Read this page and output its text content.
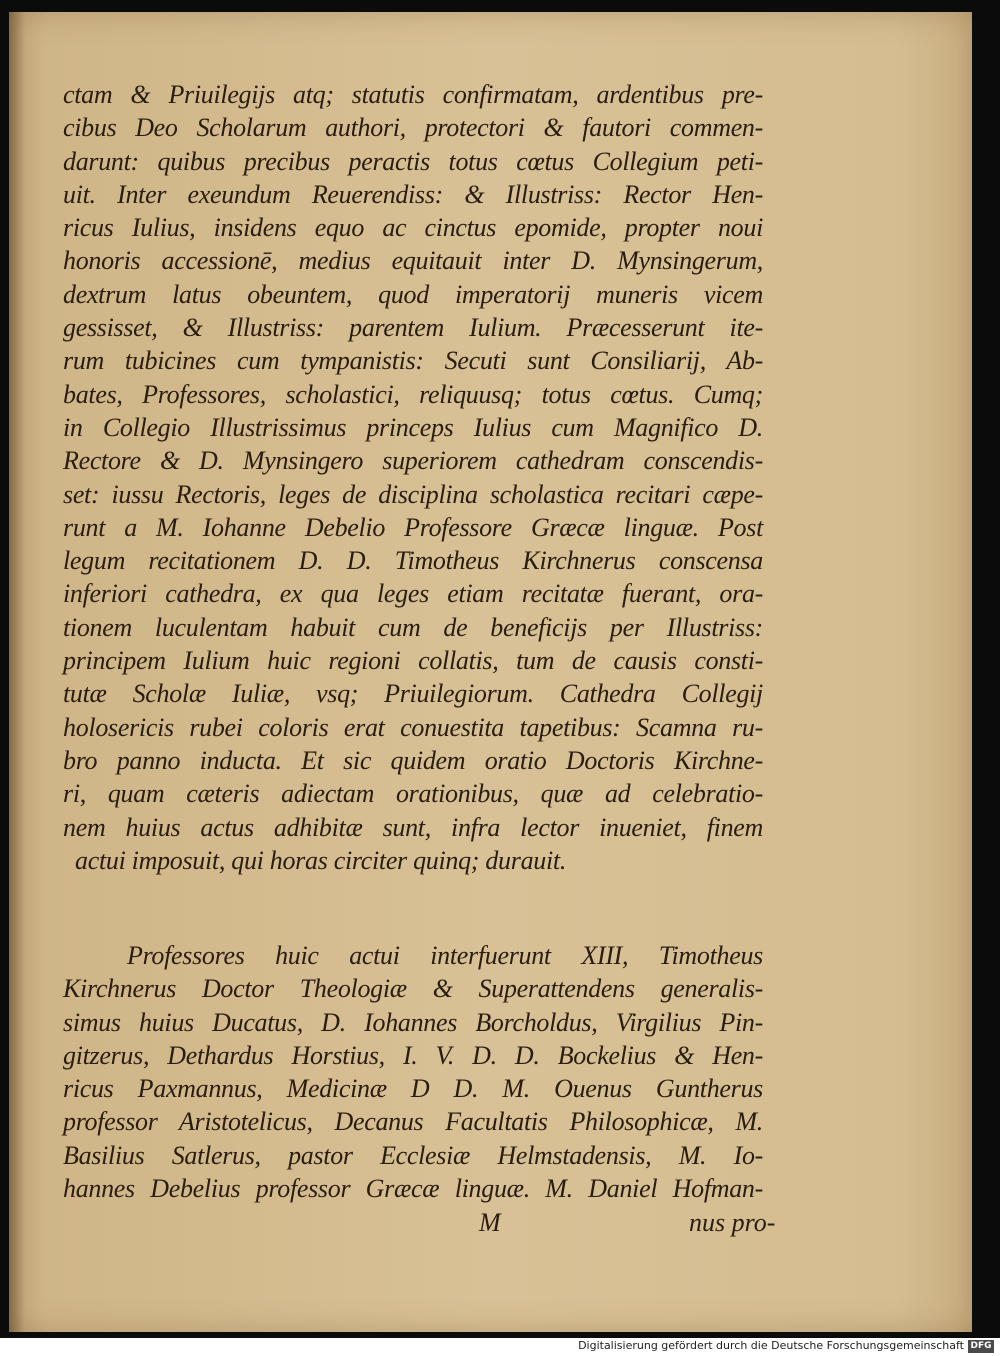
ctam & Priuilegijs atq; statutis confirmatam, ardentibus pre-
cibus Deo Scholarum authori, protectori & fautori commen-
darunt: quibus precibus peractis totus cœtus Collegium peti-
uit. Inter exeundum Reuerendiss: & Illustriss: Rector Hen-
ricus Iulius, insidens equo ac cinctus epomide, propter noui
honoris accessionē, medius equitauit inter D. Mynsingerum,
dextrum latus obeuntem, quod imperatorij muneris vicem
gessisset, & Illustriss: parentem Iulium. Præcesserunt ite-
rum tubicines cum tympanistis: Secuti sunt Consiliarij, Ab-
bates, Professores, scholastici, reliquusq; totus cœtus. Cumq;
in Collegio Illustrissimus princeps Iulius cum Magnifico D.
Rectore & D. Mynsingero superiorem cathedram conscendis-
set: iussu Rectoris, leges de disciplina scholastica recitari cæpe-
runt a M. Iohanne Debelio Professore Græcæ linguæ. Post
legum recitationem D. D. Timotheus Kirchnerus conscensa
inferiori cathedra, ex qua leges etiam recitatæ fuerant, ora-
tionem luculentam habuit cum de beneficijs per Illustriss:
principem Iulium huic regioni collatis, tum de causis consti-
tutæ Scholæ Iuliæ, vsq; Priuilegiorum. Cathedra Collegij
holosericis rubei coloris erat conuestita tapetibus: Scamna ru-
bro panno inducta. Et sic quidem oratio Doctoris Kirchne-
ri, quam cæteris adiectam orationibus, quæ ad celebratio-
nem huius actus adhibitæ sunt, infra lector inueniet, finem
actui imposuit, qui horas circiter quinq; durauit.
Professores huic actui interfuerunt XIII, Timotheus
Kirchnerus Doctor Theologiæ & Superattendens generalis-
simus huius Ducatus, D. Iohannes Borcholdus, Virgilius Pin-
gitzerus, Dethardus Horstius, I. V. D. D. Bockelius & Hen-
ricus Paxmannus, Medicinæ D D. M. Ouenus Guntherus
professor Aristotelicus, Decanus Facultatis Philosophicæ, M.
Basilius Satlerus, pastor Ecclesiæ Helmstadensis, M. Io-
hannes Debelius professor Græcæ linguæ. M. Daniel Hofman-
M	nus pro-
Digitalisierung gefördert durch die Deutsche Forschungsgemeinschaft DFG
